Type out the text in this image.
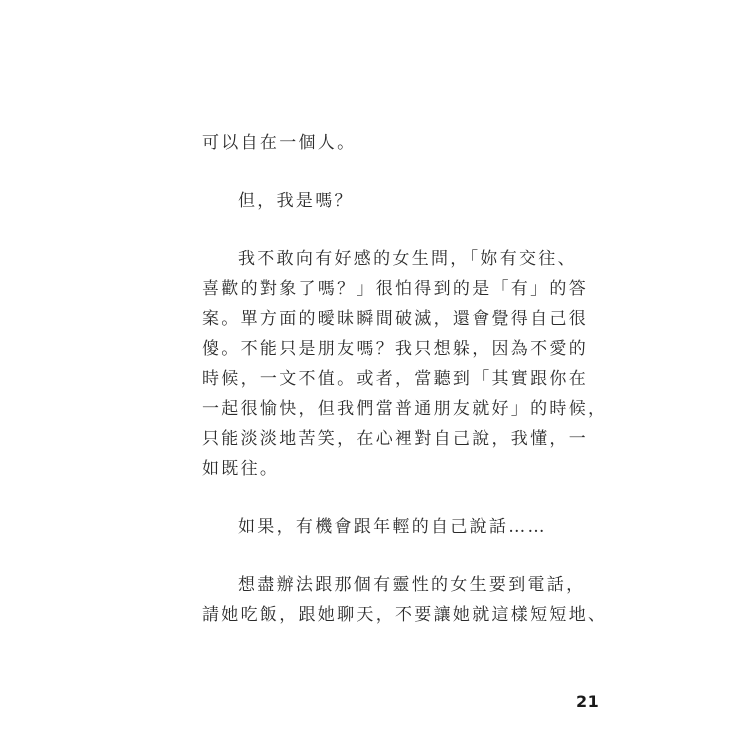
可以自在一個人。
但，我是嗎？
我不敢向有好感的女生問，「妳有交往、
喜歡的對象了嗎？」很怕得到的是「有」的答
案。單方面的曖昧瞬間破滅，還會覺得自己很
傻。不能只是朋友嗎？我只想躲，因為不愛的
時候，一文不值。或者，當聽到「其實跟你在
一起很愉快，但我們當普通朋友就好」的時候，
只能淡淡地苦笑，在心裡對自己說，我懂，一
如既往。
如果，有機會跟年輕的自己說話……
想盡辦法跟那個有靈性的女生要到電話，
請她吃飯，跟她聊天，不要讓她就這樣短短地、
21
